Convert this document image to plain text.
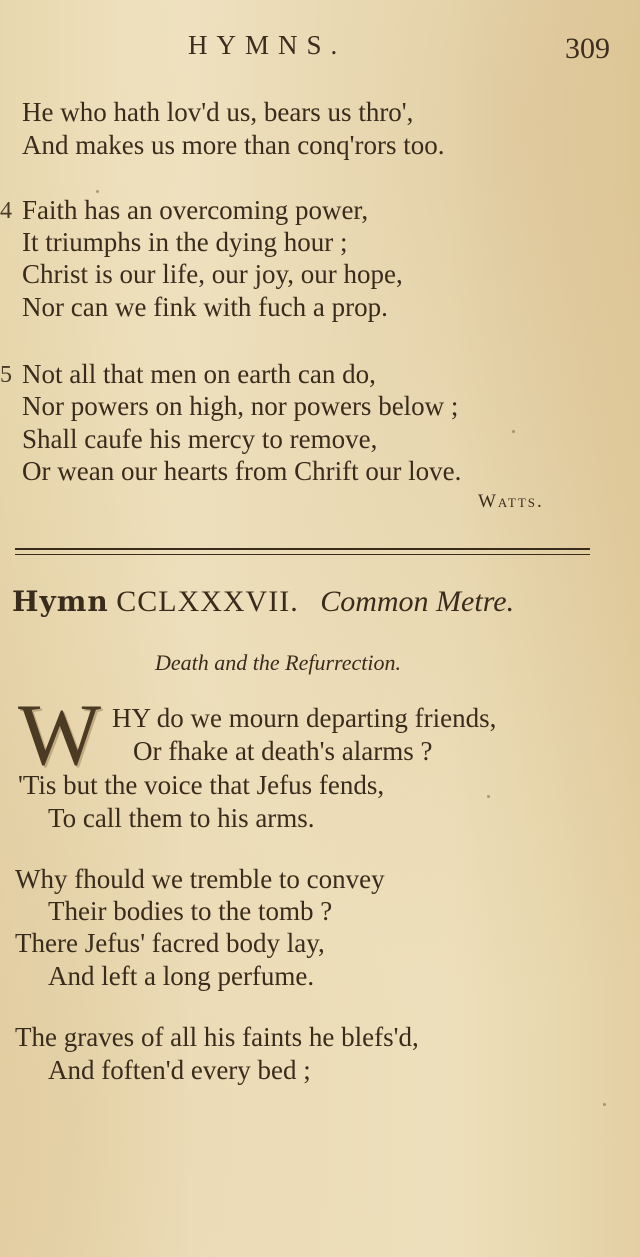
HYMNS.	309
He who hath lov'd us, bears us thro',
And makes us more than conq'rors too.
4 Faith has an overcoming power,
It triumphs in the dying hour ;
Christ is our life, our joy, our hope,
Nor can we fink with fuch a prop.
5 Not all that men on earth can do,
Nor powers on high, nor powers below ;
Shall caufe his mercy to remove,
Or wean our hearts from Chrift our love.
Watts.
Hymn CCLXXXVII. Common Metre.
Death and the Refurrection.
W HY do we mourn departing friends,
Or fhake at death's alarms ?
'Tis but the voice that Jefus fends,
To call them to his arms.
Why fhould we tremble to convey
Their bodies to the tomb ?
There Jefus' facred body lay,
And left a long perfume.
The graves of all his faints he blefs'd,
And foften'd every bed ;
